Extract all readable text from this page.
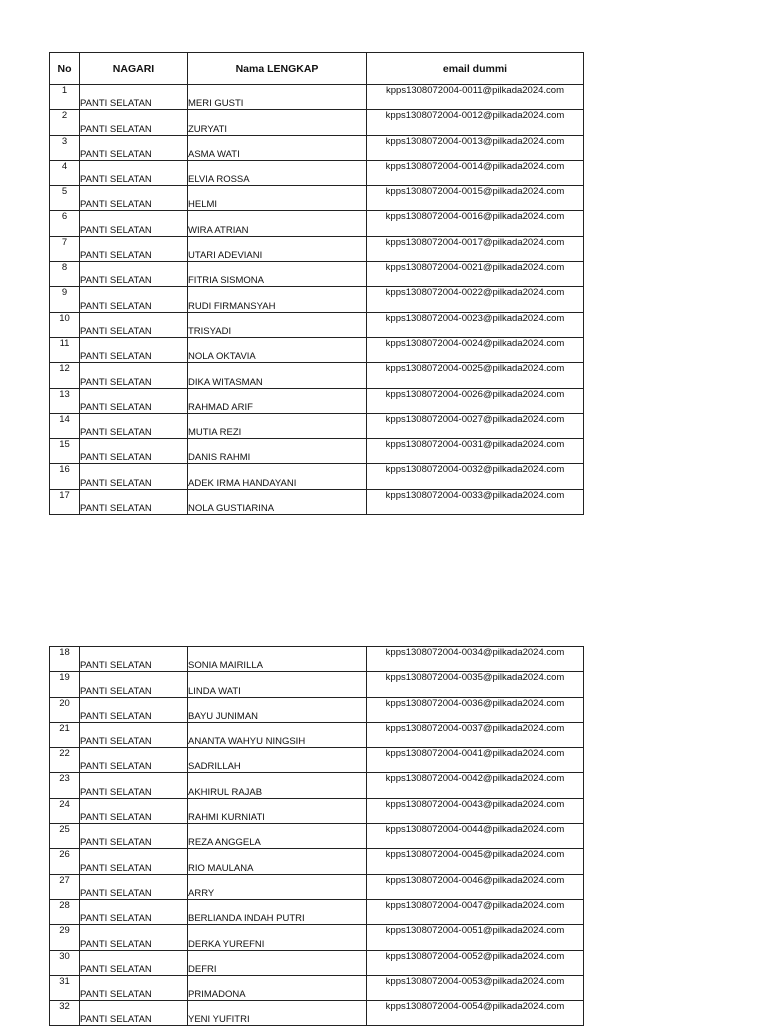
No	NAGARI	Nama LENGKAP	email dummi
1	PANTI SELATAN	MERI GUSTI	kpps1308072004-0011@pilkada2024.com
2	PANTI SELATAN	ZURYATI	kpps1308072004-0012@pilkada2024.com
3	PANTI SELATAN	ASMA WATI	kpps1308072004-0013@pilkada2024.com
4	PANTI SELATAN	ELVIA ROSSA	kpps1308072004-0014@pilkada2024.com
5	PANTI SELATAN	HELMI	kpps1308072004-0015@pilkada2024.com
6	PANTI SELATAN	WIRA ATRIAN	kpps1308072004-0016@pilkada2024.com
7	PANTI SELATAN	UTARI ADEVIANI	kpps1308072004-0017@pilkada2024.com
8	PANTI SELATAN	FITRIA SISMONA	kpps1308072004-0021@pilkada2024.com
9	PANTI SELATAN	RUDI FIRMANSYAH	kpps1308072004-0022@pilkada2024.com
10	PANTI SELATAN	TRISYADI	kpps1308072004-0023@pilkada2024.com
11	PANTI SELATAN	NOLA OKTAVIA	kpps1308072004-0024@pilkada2024.com
12	PANTI SELATAN	DIKA WITASMAN	kpps1308072004-0025@pilkada2024.com
13	PANTI SELATAN	RAHMAD ARIF	kpps1308072004-0026@pilkada2024.com
14	PANTI SELATAN	MUTIA REZI	kpps1308072004-0027@pilkada2024.com
15	PANTI SELATAN	DANIS RAHMI	kpps1308072004-0031@pilkada2024.com
16	PANTI SELATAN	ADEK IRMA HANDAYANI	kpps1308072004-0032@pilkada2024.com
17	PANTI SELATAN	NOLA GUSTIARINA	kpps1308072004-0033@pilkada2024.com
18	PANTI SELATAN	SONIA MAIRILLA	kpps1308072004-0034@pilkada2024.com
19	PANTI SELATAN	LINDA WATI	kpps1308072004-0035@pilkada2024.com
20	PANTI SELATAN	BAYU JUNIMAN	kpps1308072004-0036@pilkada2024.com
21	PANTI SELATAN	ANANTA WAHYU NINGSIH	kpps1308072004-0037@pilkada2024.com
22	PANTI SELATAN	SADRILLAH	kpps1308072004-0041@pilkada2024.com
23	PANTI SELATAN	AKHIRUL RAJAB	kpps1308072004-0042@pilkada2024.com
24	PANTI SELATAN	RAHMI KURNIATI	kpps1308072004-0043@pilkada2024.com
25	PANTI SELATAN	REZA ANGGELA	kpps1308072004-0044@pilkada2024.com
26	PANTI SELATAN	RIO MAULANA	kpps1308072004-0045@pilkada2024.com
27	PANTI SELATAN	ARRY	kpps1308072004-0046@pilkada2024.com
28	PANTI SELATAN	BERLIANDA INDAH PUTRI	kpps1308072004-0047@pilkada2024.com
29	PANTI SELATAN	DERKA YUREFNI	kpps1308072004-0051@pilkada2024.com
30	PANTI SELATAN	DEFRI	kpps1308072004-0052@pilkada2024.com
31	PANTI SELATAN	PRIMADONA	kpps1308072004-0053@pilkada2024.com
32	PANTI SELATAN	YENI YUFITRI	kpps1308072004-0054@pilkada2024.com
